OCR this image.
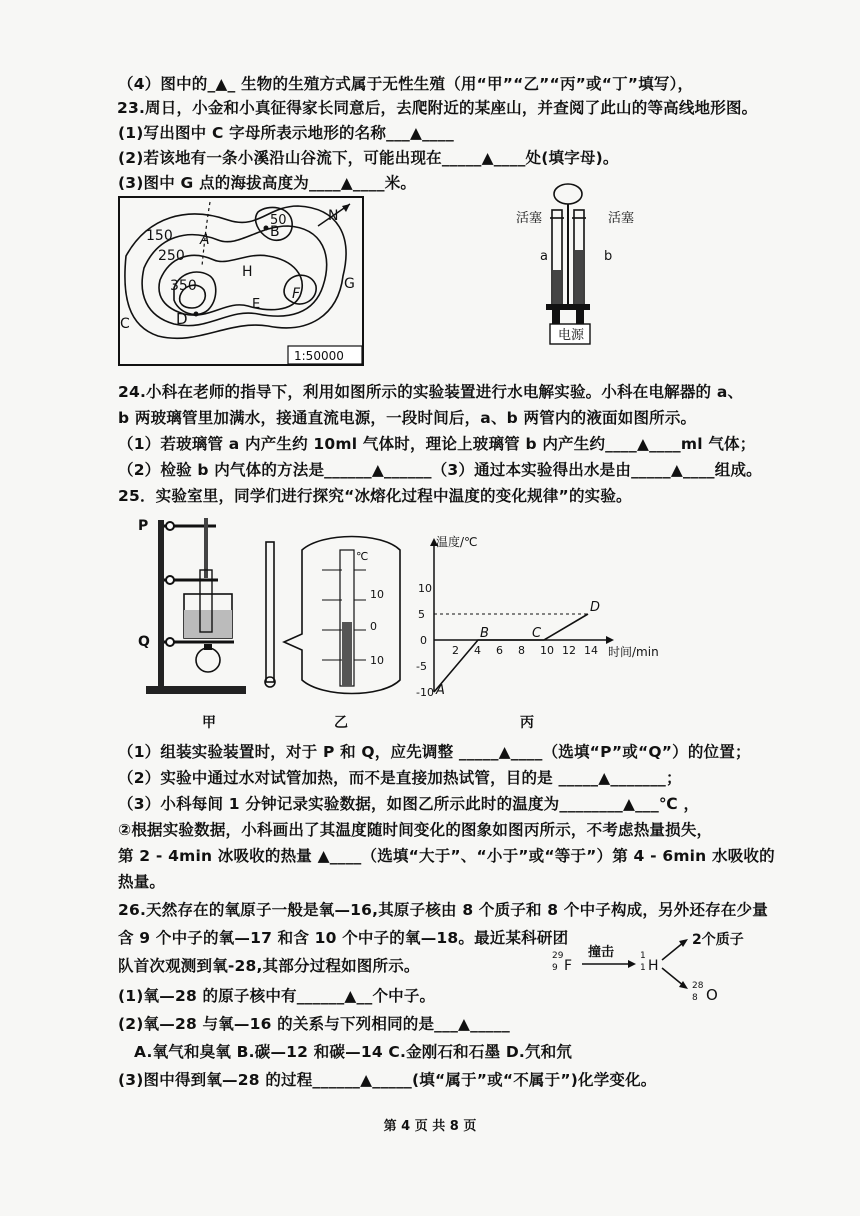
（4）图中的_▲_ 生物的生殖方式属于无性生殖（用“甲”“乙”“丙”或“丁”填写），
23.周日，小金和小真征得家长同意后，去爬附近的某座山，并查阅了此山的等高线地形图。
(1)写出图中 C 字母所表示地形的名称___▲____
(2)若该地有一条小溪沿山谷流下，可能出现在_____▲____处(填字母)。
(3)图中 G 点的海拔高度为____▲____米。
150
250
350
50
A	B
C	D
E
F
G
H
N
1:50000
电源
活塞	活塞
a	b
24.小科在老师的指导下，利用如图所示的实验装置进行水电解实验。小科在电解器的 a、
b 两玻璃管里加满水，接通直流电源，一段时间后，a、b 两管内的液面如图所示。
（1）若玻璃管 a 内产生约 10ml 气体时，理论上玻璃管 b 内产生约____▲____ml 气体；
（2）检验 b 内气体的方法是______▲______（3）通过本实验得出水是由_____▲____组成。
25．实验室里，同学们进行探究“冰熔化过程中温度的变化规律”的实验。
P
Q
℃
10
0
10
温度/℃
时间/min
0
2 4 6 8 10 12 14
10
5
-5
-10 A
B	C
D
甲	乙	丙
（1）组装实验装置时，对于 P 和 Q，应先调整 _____▲____（选填“P”或“Q”）的位置；
（2）实验中通过水对试管加热，而不是直接加热试管，目的是 _____▲_______；
（3）小科每间 1 分钟记录实验数据，如图乙所示此时的温度为________▲___℃ ，
②根据实验数据，小科画出了其温度随时间变化的图象如图丙所示，不考虑热量损失，
第 2 - 4min 冰吸收的热量 ▲____（选填“大于”、“小于”或“等于”）第 4 - 6min 水吸收的
热量。
26.天然存在的氧原子一般是氧—16,其原子核由 8 个质子和 8 个中子构成，另外还存在少量
含 9 个中子的氧—17 和含 10 个中子的氧—18。最近某科研团
队首次观测到氧-28,其部分过程如图所示。
29
9 F
撞击	1
1 H
2个质子
28
8 O
(1)氧—28 的原子核中有______▲__个中子。
(2)氧—28 与氧—16 的关系与下列相同的是___▲_____
A.氧气和臭氧 B.碳—12 和碳—14 C.金刚石和石墨 D.氕和氘
(3)图中得到氧—28 的过程______▲_____(填“属于”或“不属于”)化学变化。
第 4 页 共 8 页
